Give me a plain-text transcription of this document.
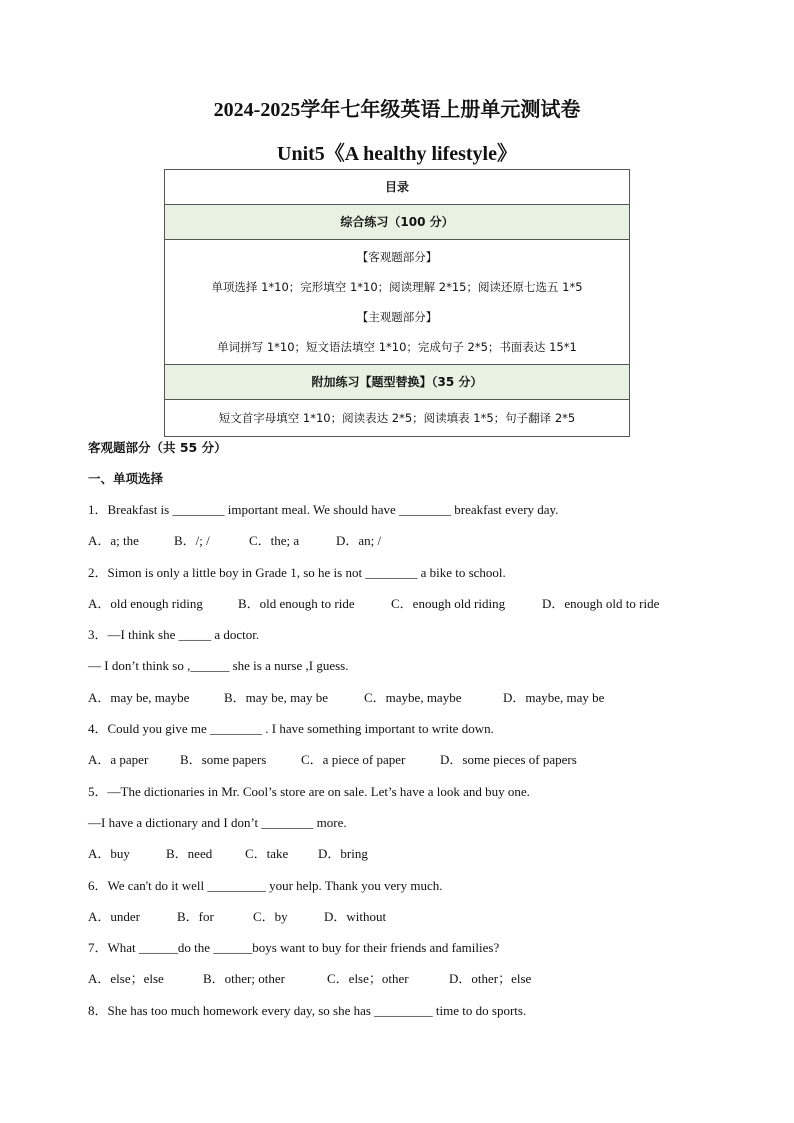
2024-2025学年七年级英语上册单元测试卷
Unit5《A healthy lifestyle》
目录
综合练习（100 分）
【客观题部分】
单项选择 1*10；完形填空 1*10；阅读理解 2*15；阅读还原七选五 1*5
【主观题部分】
单词拼写 1*10；短文语法填空 1*10；完成句子 2*5；书面表达 15*1
附加练习【题型替换】（35 分）
短文首字母填空 1*10；阅读表达 2*5；阅读填表 1*5；句子翻译 2*5
客观题部分（共 55 分）
一、单项选择
1．Breakfast is ________ important meal. We should have ________ breakfast every day.
A．a; the	B．/; /	C．the; a	D．an; /
2．Simon is only a little boy in Grade 1, so he is not ________ a bike to school.
A．old enough riding	B．old enough to ride	C．enough old riding	D．enough old to ride
3．—I think she _____ a doctor.
— I don’t think so ,______ she is a nurse ,I guess.
A．may be, maybe	B．may be, may be	C．maybe, maybe	D．maybe, may be
4．Could you give me ________ . I have something important to write down.
A．a paper B．some papers	C．a piece of paper	D．some pieces of papers
5．—The dictionaries in Mr. Cool’s store are on sale. Let’s have a look and buy one.
—I have a dictionary and I don’t ________ more.
A．buy	B．need	C．take D．bring
6．We can't do it well _________ your help. Thank you very much.
A．under	B．for	C．by	D．without
7．What ______do the ______boys want to buy for their friends and families?
A．else；else	B．other; other	C．else；other	D．other；else
8．She has too much homework every day, so she has _________ time to do sports.
